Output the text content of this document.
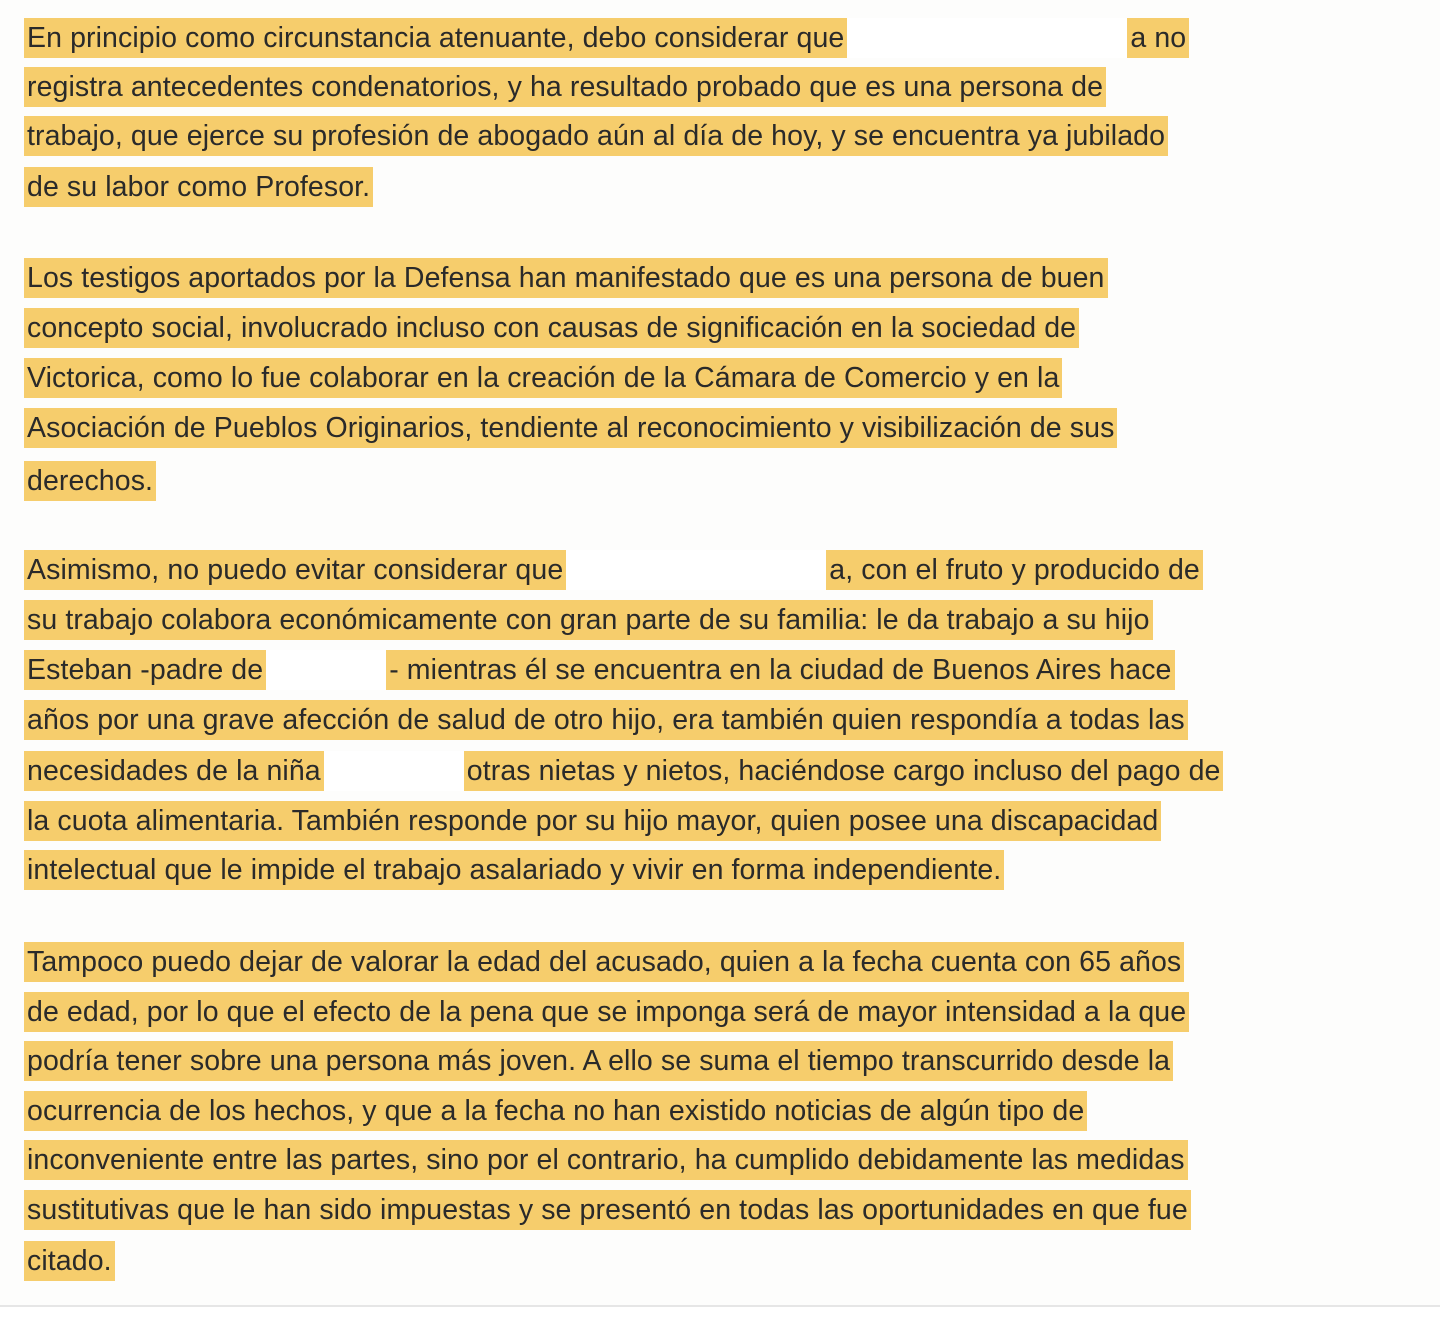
En principio como circunstancia atenuante, debo considerar que	a no
registra antecedentes condenatorios, y ha resultado probado que es una persona de
trabajo, que ejerce su profesión de abogado aún al día de hoy, y se encuentra ya jubilado
de su labor como Profesor.
Los testigos aportados por la Defensa han manifestado que es una persona de buen
concepto social, involucrado incluso con causas de significación en la sociedad de
Victorica, como lo fue colaborar en la creación de la Cámara de Comercio y en la
Asociación de Pueblos Originarios, tendiente al reconocimiento y visibilización de sus
derechos.
Asimismo, no puedo evitar considerar que	a, con el fruto y producido de
su trabajo colabora económicamente con gran parte de su familia: le da trabajo a su hijo
Esteban -padre de	- mientras él se encuentra en la ciudad de Buenos Aires hace
años por una grave afección de salud de otro hijo, era también quien respondía a todas las
necesidades de la niña	otras nietas y nietos, haciéndose cargo incluso del pago de
la cuota alimentaria. También responde por su hijo mayor, quien posee una discapacidad
intelectual que le impide el trabajo asalariado y vivir en forma independiente.
Tampoco puedo dejar de valorar la edad del acusado, quien a la fecha cuenta con 65 años
de edad, por lo que el efecto de la pena que se imponga será de mayor intensidad a la que
podría tener sobre una persona más joven. A ello se suma el tiempo transcurrido desde la
ocurrencia de los hechos, y que a la fecha no han existido noticias de algún tipo de
inconveniente entre las partes, sino por el contrario, ha cumplido debidamente las medidas
sustitutivas que le han sido impuestas y se presentó en todas las oportunidades en que fue
citado.
